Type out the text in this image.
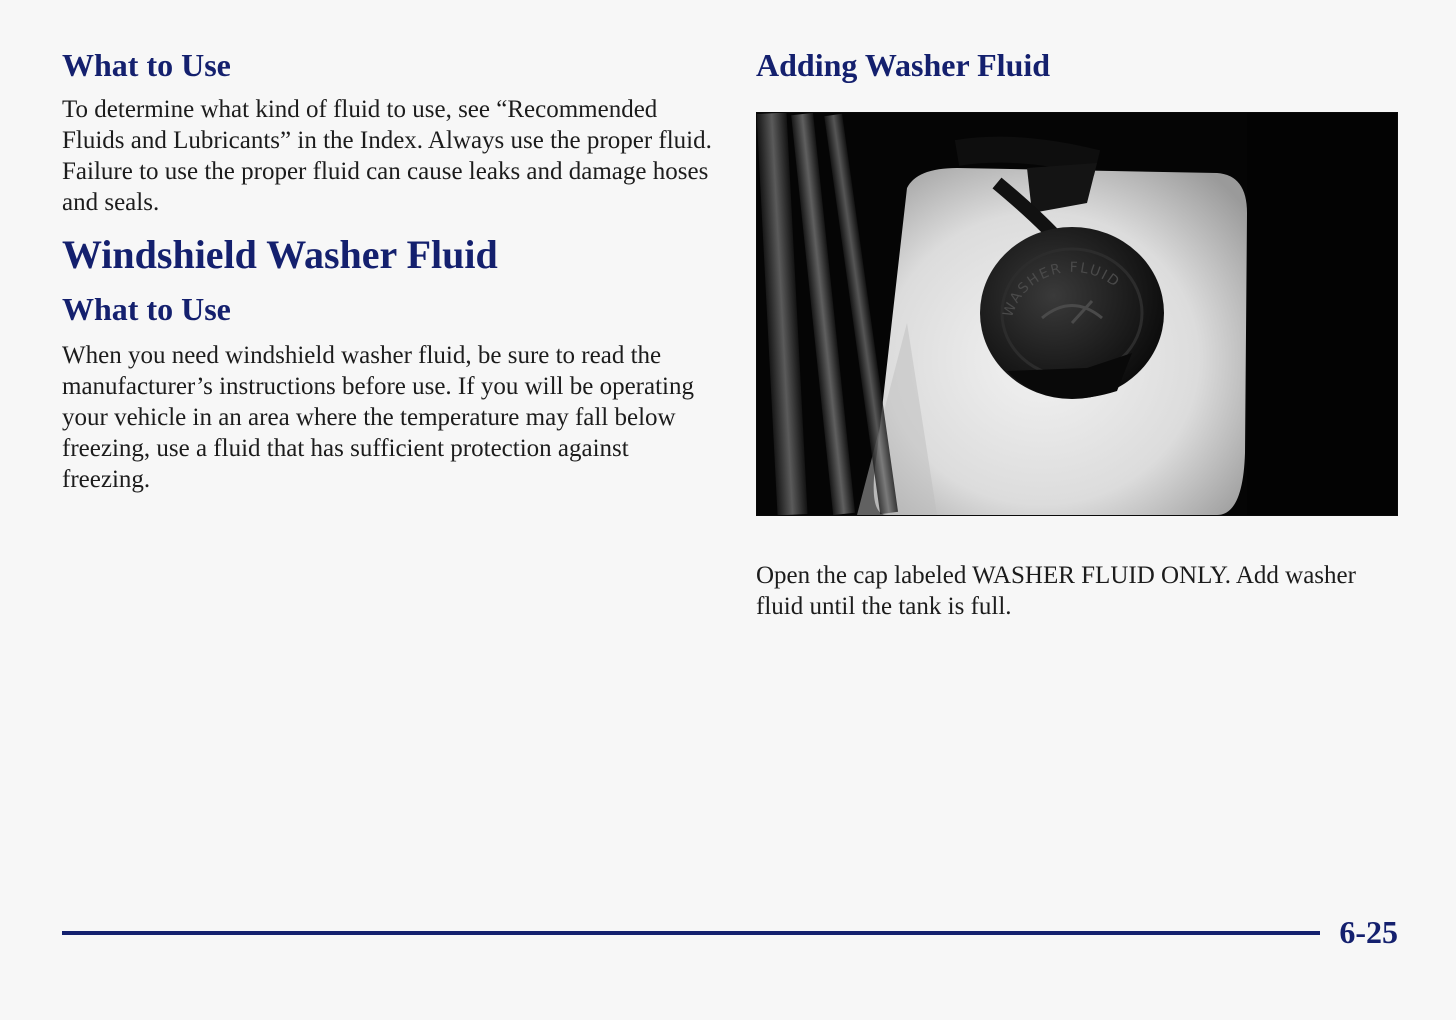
What to Use

To determine what kind of fluid to use, see “Recommended Fluids and Lubricants” in the Index. Always use the proper fluid. Failure to use the proper fluid can cause leaks and damage hoses and seals.

Windshield Washer Fluid
What to Use

When you need windshield washer fluid, be sure to read the manufacturer’s instructions before use. If you will be operating your vehicle in an area where the temperature may fall below freezing, use a fluid that has sufficient protection against freezing.

Adding Washer Fluid
WASHER FLUID

Open the cap labeled WASHER FLUID ONLY. Add washer fluid until the tank is full.

6-25
